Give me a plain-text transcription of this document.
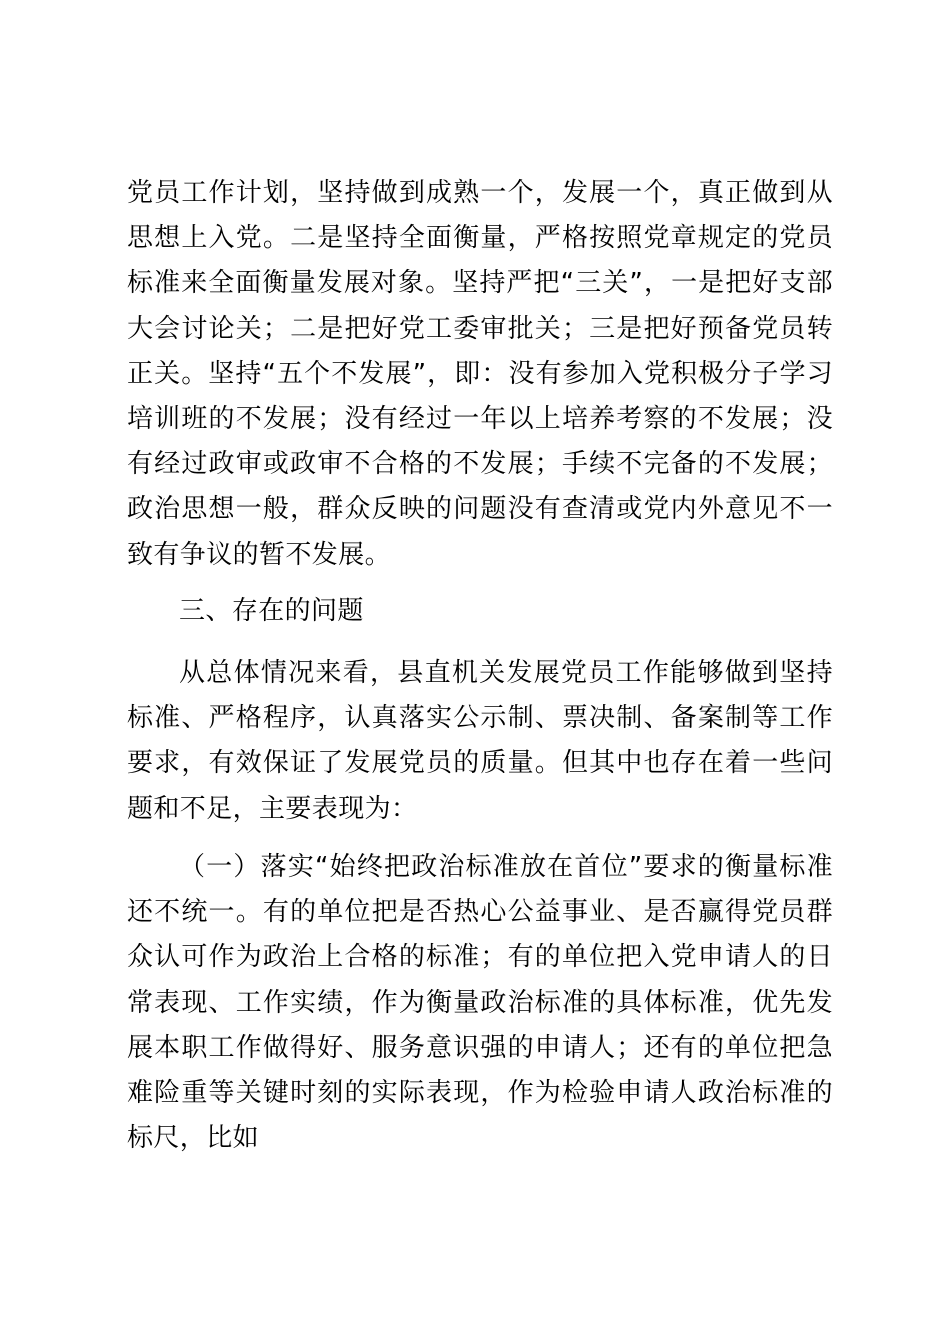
党员工作计划，坚持做到成熟一个，发展一个，真正做到从思想上入党。二是坚持全面衡量，严格按照党章规定的党员标准来全面衡量发展对象。坚持严把“三关”，一是把好支部大会讨论关；二是把好党工委审批关；三是把好预备党员转正关。坚持“五个不发展”，即：没有参加入党积极分子学习培训班的不发展；没有经过一年以上培养考察的不发展；没有经过政审或政审不合格的不发展；手续不完备的不发展；政治思想一般，群众反映的问题没有查清或党内外意见不一致有争议的暂不发展。

三、存在的问题

从总体情况来看，县直机关发展党员工作能够做到坚持标准、严格程序，认真落实公示制、票决制、备案制等工作要求，有效保证了发展党员的质量。但其中也存在着一些问题和不足，主要表现为：

（一）落实“始终把政治标准放在首位”要求的衡量标准还不统一。有的单位把是否热心公益事业、是否赢得党员群众认可作为政治上合格的标准；有的单位把入党申请人的日常表现、工作实绩，作为衡量政治标准的具体标准，优先发展本职工作做得好、服务意识强的申请人；还有的单位把急难险重等关键时刻的实际表现，作为检验申请人政治标准的标尺，比如
